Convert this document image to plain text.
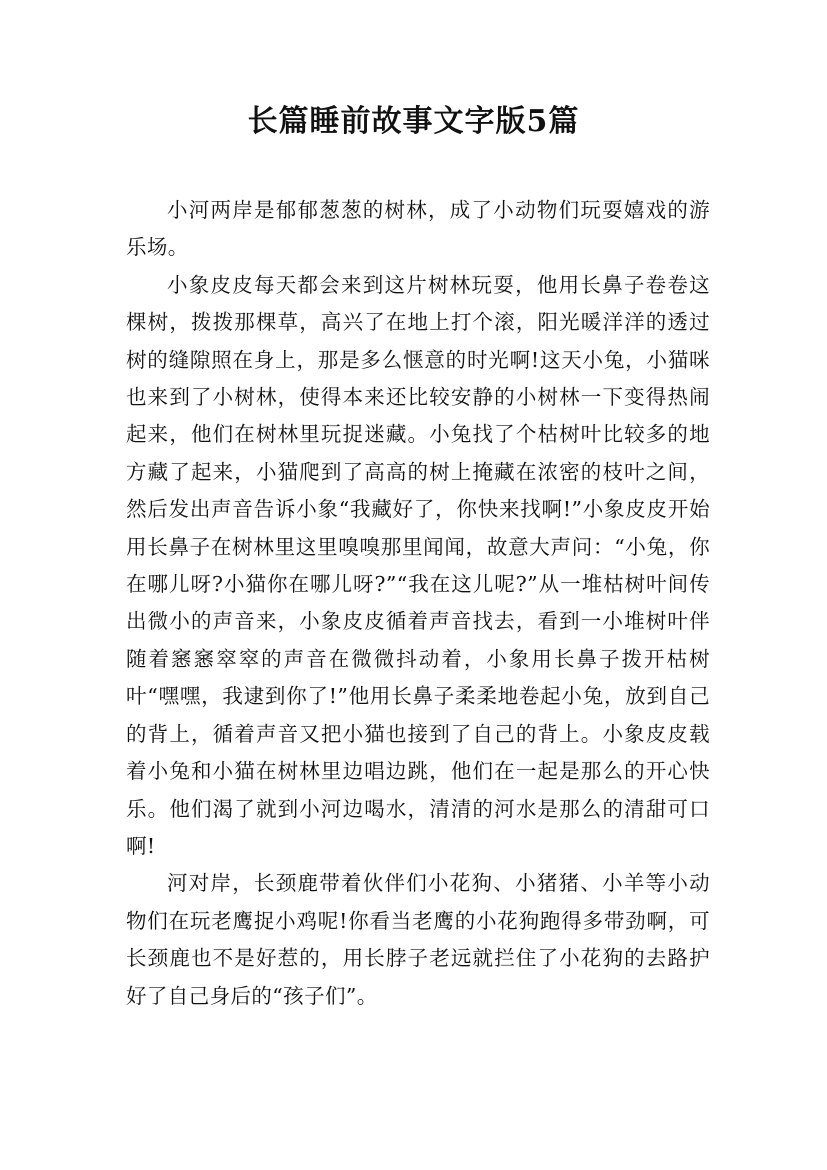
长篇睡前故事文字版5篇

小河两岸是郁郁葱葱的树林，成了小动物们玩耍嬉戏的游乐场。

小象皮皮每天都会来到这片树林玩耍，他用长鼻子卷卷这棵树，拨拨那棵草，高兴了在地上打个滚，阳光暖洋洋的透过树的缝隙照在身上，那是多么惬意的时光啊!这天小兔，小猫咪也来到了小树林，使得本来还比较安静的小树林一下变得热闹起来，他们在树林里玩捉迷藏。小兔找了个枯树叶比较多的地方藏了起来，小猫爬到了高高的树上掩藏在浓密的枝叶之间，然后发出声音告诉小象“我藏好了，你快来找啊!”小象皮皮开始用长鼻子在树林里这里嗅嗅那里闻闻，故意大声问：“小兔，你在哪儿呀?小猫你在哪儿呀?”“我在这儿呢?”从一堆枯树叶间传出微小的声音来，小象皮皮循着声音找去，看到一小堆树叶伴随着窸窸窣窣的声音在微微抖动着，小象用长鼻子拨开枯树叶“嘿嘿，我逮到你了!”他用长鼻子柔柔地卷起小兔，放到自己的背上，循着声音又把小猫也接到了自己的背上。小象皮皮载着小兔和小猫在树林里边唱边跳，他们在一起是那么的开心快乐。他们渴了就到小河边喝水，清清的河水是那么的清甜可口啊!

河对岸，长颈鹿带着伙伴们小花狗、小猪猪、小羊等小动物们在玩老鹰捉小鸡呢!你看当老鹰的小花狗跑得多带劲啊，可长颈鹿也不是好惹的，用长脖子老远就拦住了小花狗的去路护好了自己身后的“孩子们”。
